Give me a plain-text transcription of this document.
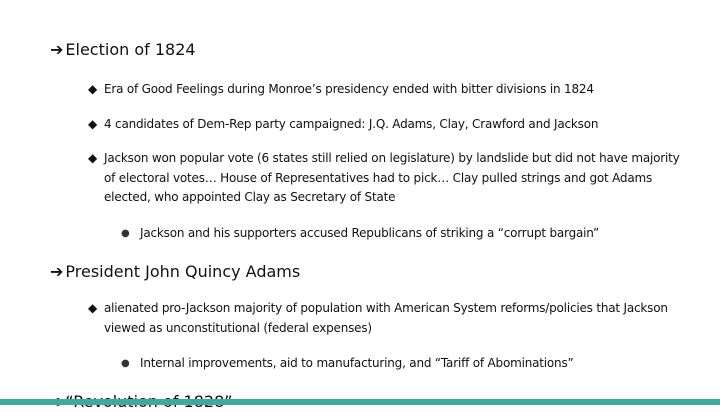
➔ Election of 1824
◆ Era of Good Feelings during Monroe’s presidency ended with bitter divisions in 1824
◆ 4 candidates of Dem-Rep party campaigned: J.Q. Adams, Clay, Crawford and Jackson
◆ Jackson won popular vote (6 states still relied on legislature) by landslide but did not have majority of electoral votes… House of Representatives had to pick… Clay pulled strings and got Adams elected, who appointed Clay as Secretary of State
● Jackson and his supporters accused Republicans of striking a “corrupt bargain”
➔ President John Quincy Adams
◆ alienated pro-Jackson majority of population with American System reforms/policies that Jackson viewed as unconstitutional (federal expenses)
● Internal improvements, aid to manufacturing, and “Tariff of Abominations”
